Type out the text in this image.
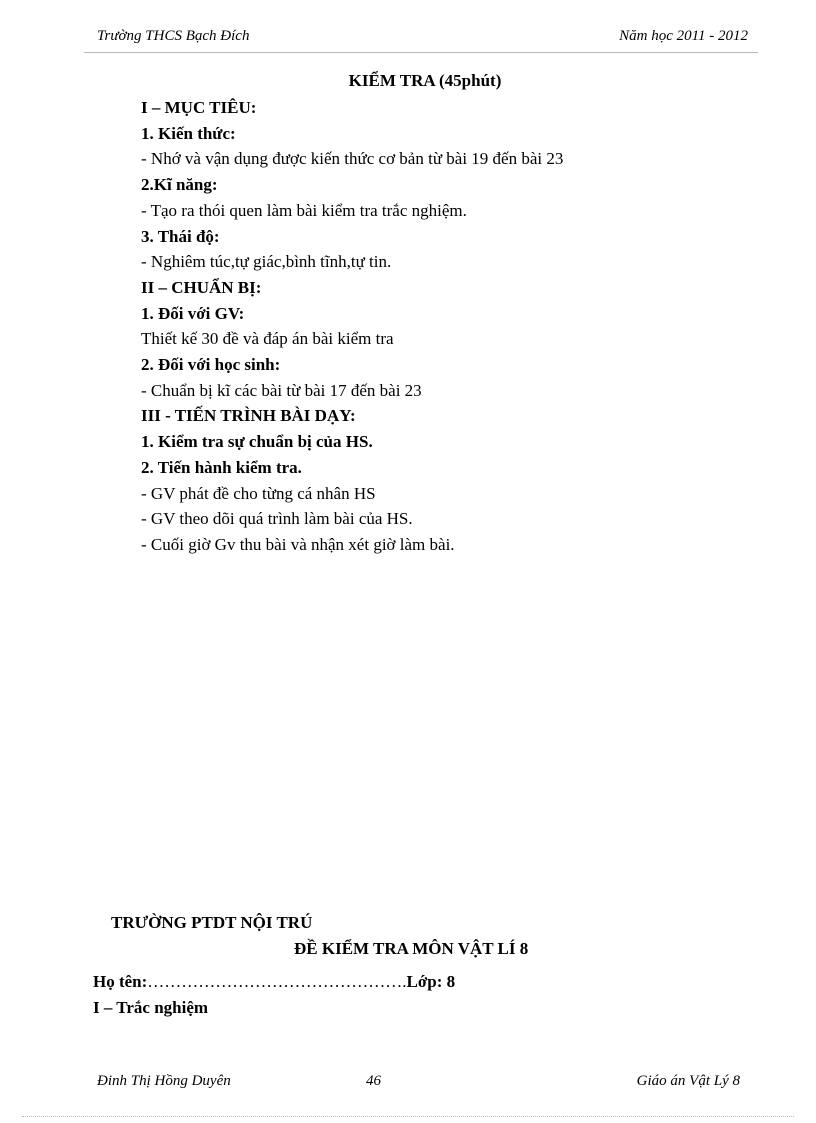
Trường THCS Bạch Đích	Năm học 2011 - 2012
KIỂM TRA (45phút)
I – MỤC TIÊU:
1. Kiến thức:
- Nhớ và vận dụng được kiến thức cơ bản từ bài 19 đến bài 23
2.Kĩ năng:
- Tạo ra thói quen làm bài kiểm tra trắc nghiệm.
3. Thái độ:
- Nghiêm túc,tự giác,bình tĩnh,tự tin.
II – CHUẨN BỊ:
1. Đối với GV:
Thiết kế 30 đề và đáp án bài kiểm tra
2. Đối với học sinh:
- Chuẩn bị kĩ các bài từ bài 17 đến bài 23
III - TIẾN TRÌNH BÀI DẠY:
1. Kiểm tra sự chuẩn bị của HS.
2. Tiến hành kiểm tra.
- GV phát đề cho từng cá nhân HS
- GV theo dõi quá trình làm bài của HS.
- Cuối giờ Gv thu bài và nhận xét giờ làm bài.
TRƯỜNG PTDT NỘI TRÚ
ĐỀ KIỂM TRA MÔN VẬT LÍ 8
Họ tên:……………………………………….Lớp: 8
I – Trắc nghiệm
Đinh Thị Hồng Duyên	46	Giáo án Vật Lý 8
